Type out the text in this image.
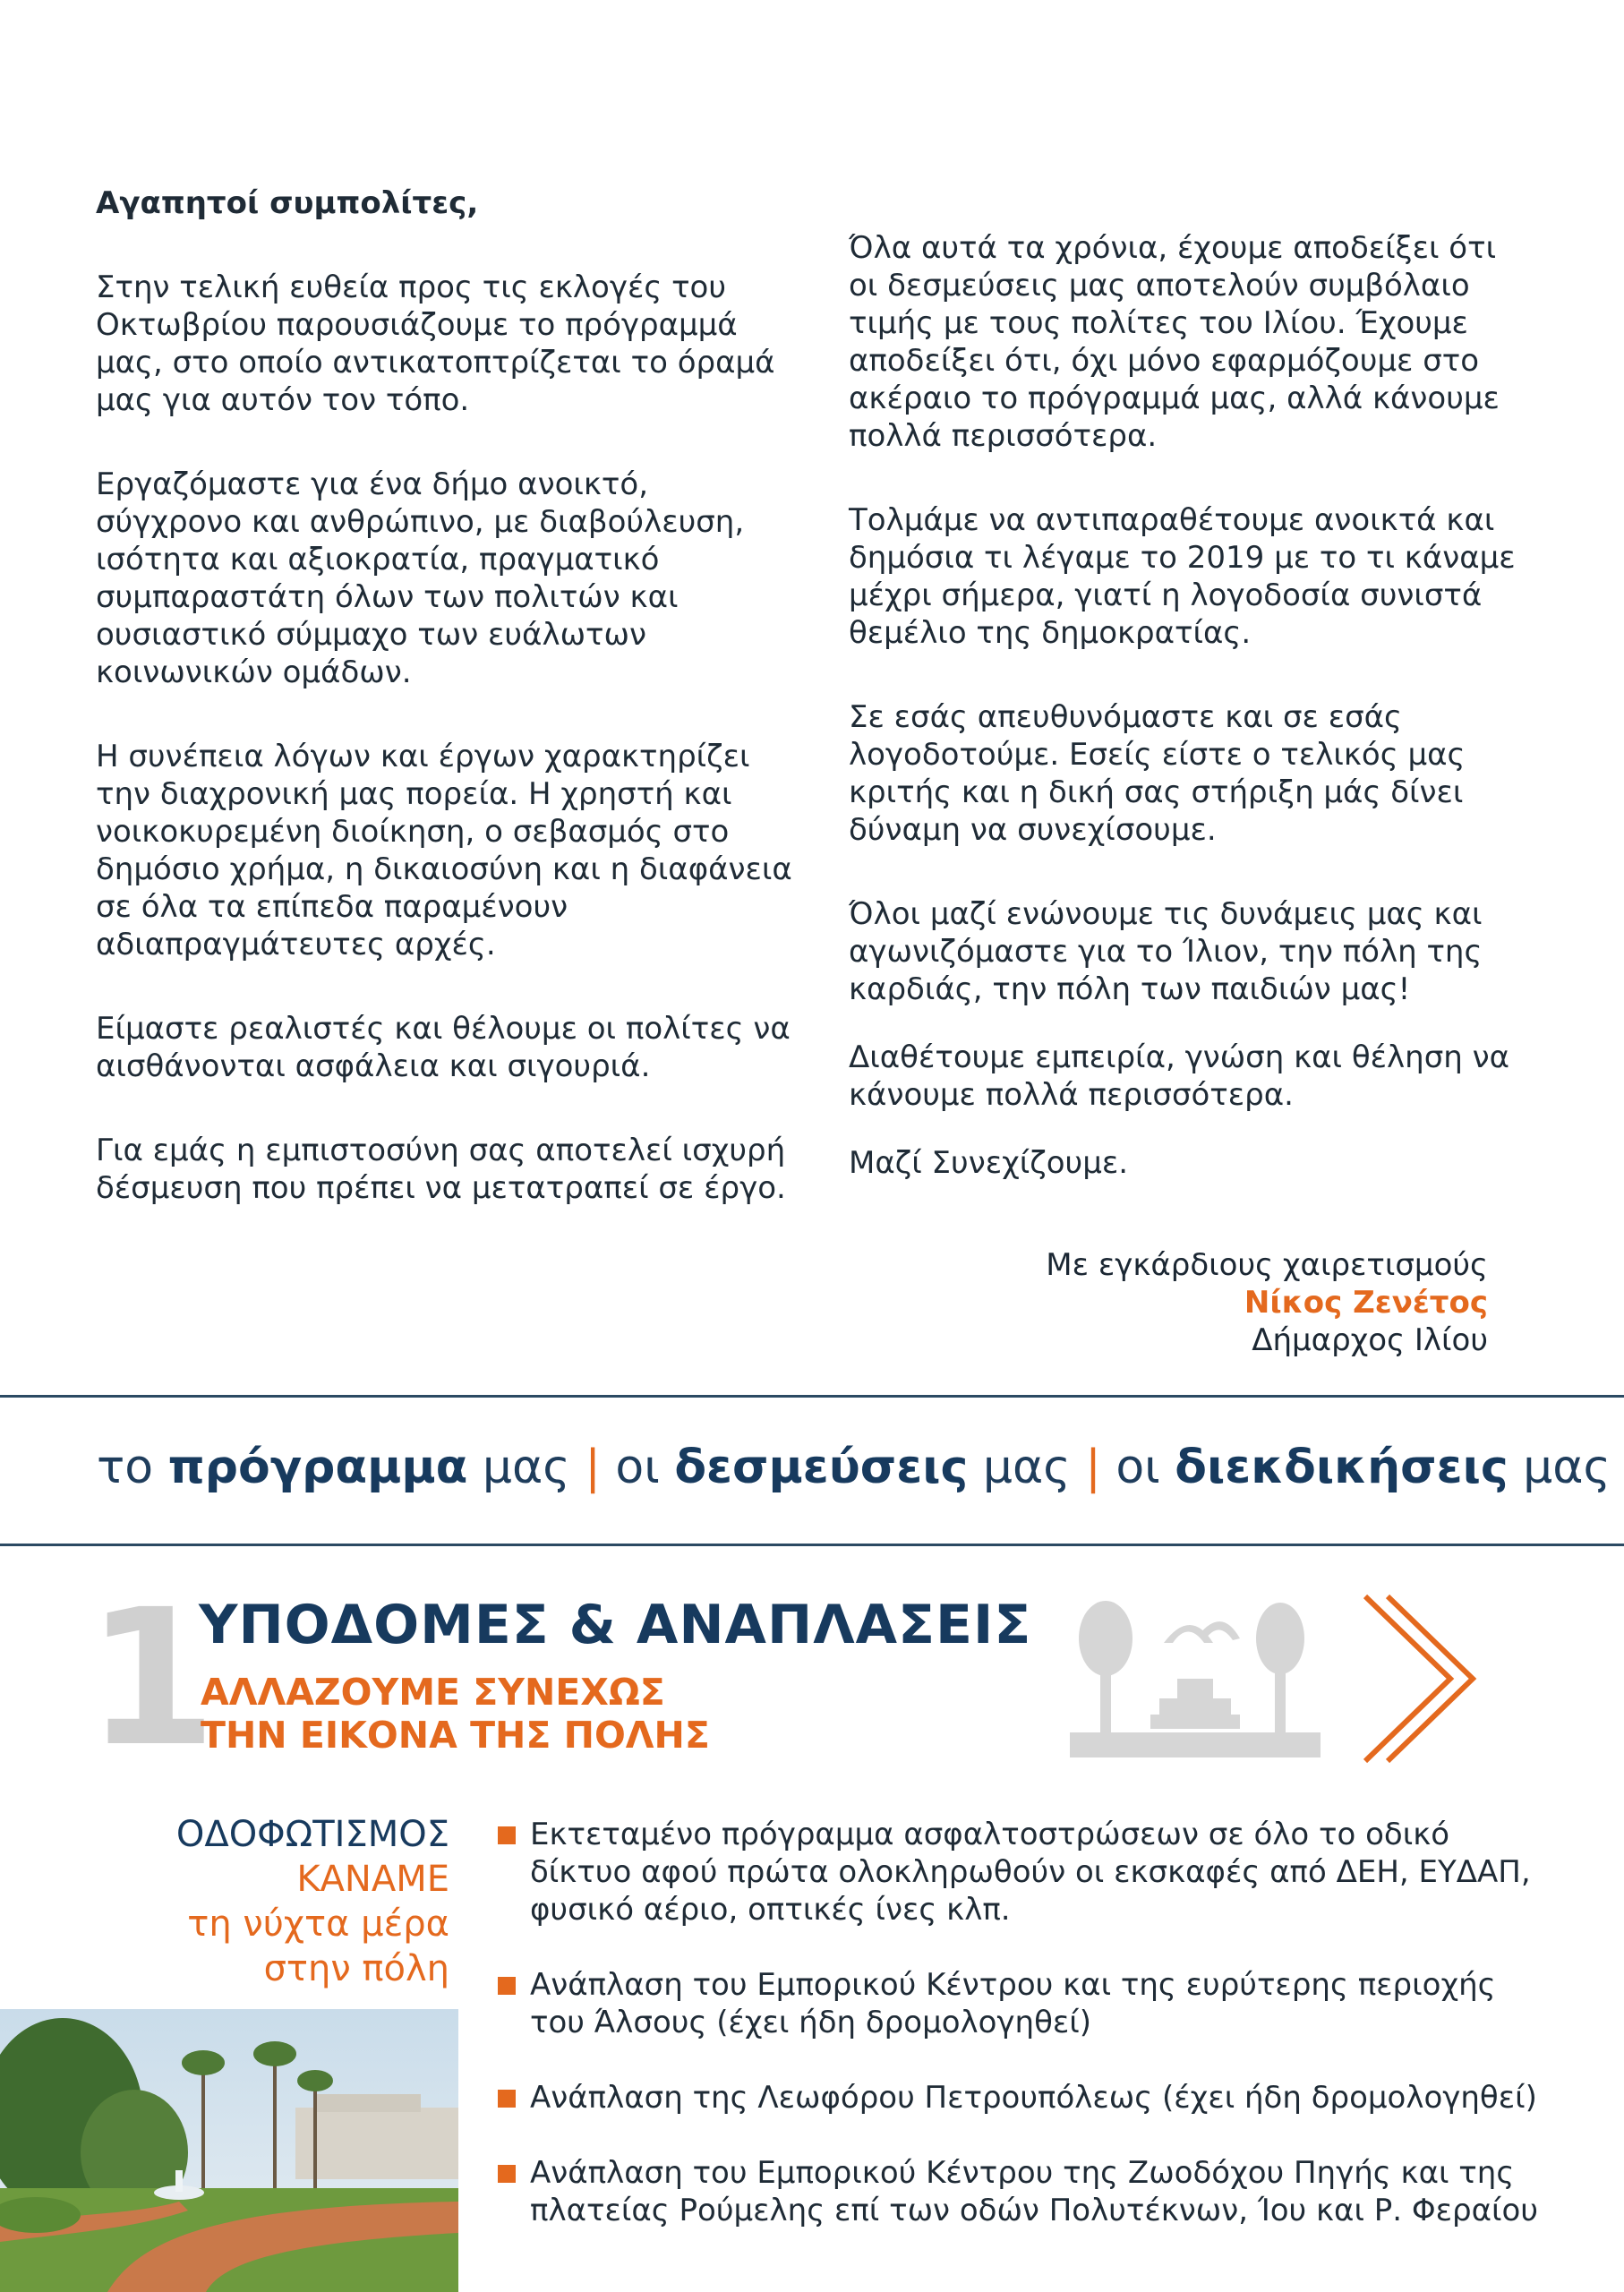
Αγαπητοί συμπολίτες,

Στην τελική ευθεία προς τις εκλογές του Οκτωβρίου παρουσιάζουμε το πρόγραμμά μας, στο οποίο αντικατοπτρίζεται το όραμά μας για αυτόν τον τόπο.

Εργαζόμαστε για ένα δήμο ανοικτό, σύγχρονο και ανθρώπινο, με διαβούλευση, ισότητα και αξιοκρατία, πραγματικό συμπαραστάτη όλων των πολιτών και ουσιαστικό σύμμαχο των ευάλωτων κοινωνικών ομάδων.

Η συνέπεια λόγων και έργων χαρακτηρίζει την διαχρονική μας πορεία. Η χρηστή και νοικοκυρεμένη διοίκηση, ο σεβασμός στο δημόσιο χρήμα, η δικαιοσύνη και η διαφάνεια σε όλα τα επίπεδα παραμένουν αδιαπραγμάτευτες αρχές.

Είμαστε ρεαλιστές και θέλουμε οι πολίτες να αισθάνονται ασφάλεια και σιγουριά.

Για εμάς η εμπιστοσύνη σας αποτελεί ισχυρή δέσμευση που πρέπει να μετατραπεί σε έργο.

Όλα αυτά τα χρόνια, έχουμε αποδείξει ότι οι δεσμεύσεις μας αποτελούν συμβόλαιο τιμής με τους πολίτες του Ιλίου. Έχουμε αποδείξει ότι, όχι μόνο εφαρμόζουμε στο ακέραιο το πρόγραμμά μας, αλλά κάνουμε πολλά περισσότερα.

Τολμάμε να αντιπαραθέτουμε ανοικτά και δημόσια τι λέγαμε το 2019 με το τι κάναμε μέχρι σήμερα, γιατί η λογοδοσία συνιστά θεμέλιο της δημοκρατίας.

Σε εσάς απευθυνόμαστε και σε εσάς λογοδοτούμε. Εσείς είστε ο τελικός μας κριτής και η δική σας στήριξη μάς δίνει δύναμη να συνεχίσουμε.

Όλοι μαζί ενώνουμε τις δυνάμεις μας και αγωνιζόμαστε για το Ίλιον, την πόλη της καρδιάς, την πόλη των παιδιών μας!

Διαθέτουμε εμπειρία, γνώση και θέληση να κάνουμε πολλά περισσότερα.

Μαζί Συνεχίζουμε.

Με εγκάρδιους χαιρετισμούς
Νίκος Ζενέτος
Δήμαρχος Ιλίου
το πρόγραμμα μας | οι δεσμεύσεις μας | οι διεκδικήσεις μας
1
ΥΠΟΔΟΜΕΣ & ΑΝΑΠΛΑΣΕΙΣ
ΑΛΛΑΖΟΥΜΕ ΣΥΝΕΧΩΣ
ΤΗΝ ΕΙΚΟΝΑ ΤΗΣ ΠΟΛΗΣ
ΟΔΟΦΩΤΙΣΜΟΣ
ΚΑΝΑΜΕ
τη νύχτα μέρα
στην πόλη
Εκτεταμένο πρόγραμμα ασφαλτοστρώσεων σε όλο το οδικό δίκτυο αφού πρώτα ολοκληρωθούν οι εκσκαφές από ΔΕΗ, ΕΥΔΑΠ, φυσικό αέριο, οπτικές ίνες κλπ.
Ανάπλαση του Εμπορικού Κέντρου και της ευρύτερης περιοχής του Άλσους (έχει ήδη δρομολογηθεί)
Ανάπλαση της Λεωφόρου Πετρουπόλεως (έχει ήδη δρομολογηθεί)
Ανάπλαση του Εμπορικού Κέντρου της Ζωοδόχου Πηγής και της πλατείας Ρούμελης επί των οδών Πολυτέκνων, Ίου και Ρ. Φεραίου
